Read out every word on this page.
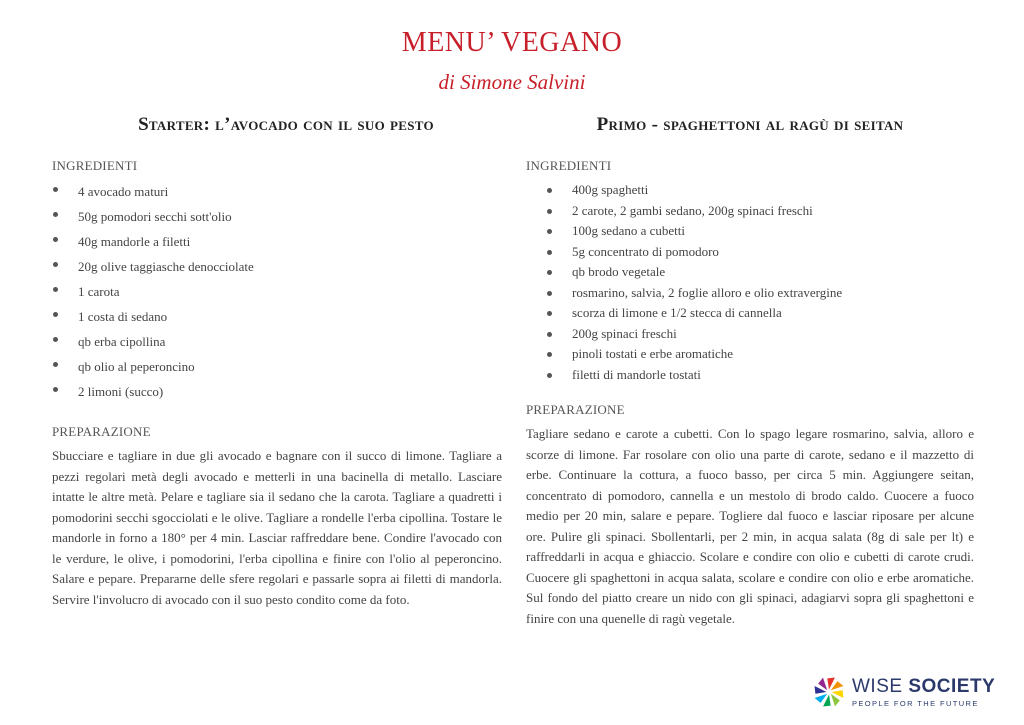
MENU’ VEGANO
di Simone Salvini
Starter: l’avocado con il suo pesto
INGREDIENTI
4 avocado maturi
50g pomodori secchi sott'olio
40g mandorle a filetti
20g olive taggiasche denocciolate
1 carota
1 costa di sedano
qb erba cipollina
qb olio al peperoncino
2 limoni (succo)
PREPARAZIONE

Sbucciare e tagliare in due gli avocado e bagnare con il succo di limone. Tagliare a pezzi regolari metà degli avocado e metterli in una bacinella di metallo. Lasciare intatte le altre metà. Pelare e tagliare sia il sedano che la carota. Tagliare a quadretti i pomodorini secchi sgocciolati e le olive. Tagliare a rondelle l'erba cipollina. Tostare le mandorle in forno a 180° per 4 min. Lasciar raffreddare bene. Condire l'avocado con le verdure, le olive, i pomodorini, l'erba cipollina e finire con l'olio al peperoncino. Salare e pepare. Prepararne delle sfere regolari e passarle sopra ai filetti di mandorla. Servire l'involucro di avocado con il suo pesto condito come da foto.

Primo - spaghettoni al ragù di seitan
INGREDIENTI
400g spaghetti
2 carote, 2 gambi sedano, 200g spinaci freschi
100g sedano a cubetti
5g concentrato di pomodoro
qb brodo vegetale
rosmarino, salvia, 2 foglie alloro e olio extravergine
scorza di limone e 1/2 stecca di cannella
200g spinaci freschi
pinoli tostati e erbe aromatiche
filetti di mandorle tostati
PREPARAZIONE

Tagliare sedano e carote a cubetti. Con lo spago legare rosmarino, salvia, alloro e scorze di limone. Far rosolare con olio una parte di carote, sedano e il mazzetto di erbe. Continuare la cottura, a fuoco basso, per circa 5 min. Aggiungere seitan, concentrato di pomodoro, cannella e un mestolo di brodo caldo. Cuocere a fuoco medio per 20 min, salare e pepare. Togliere dal fuoco e lasciar riposare per alcune ore. Pulire gli spinaci. Sbollentarli, per 2 min, in acqua salata (8g di sale per lt) e raffreddarli in acqua e ghiaccio. Scolare e condire con olio e cubetti di carote crudi. Cuocere gli spaghettoni in acqua salata, scolare e condire con olio e erbe aromatiche. Sul fondo del piatto creare un nido con gli spinaci, adagiarvi sopra gli spaghettoni e finire con una quenelle di ragù vegetale.

WISE SOCIETY
PEOPLE FOR THE FUTURE
